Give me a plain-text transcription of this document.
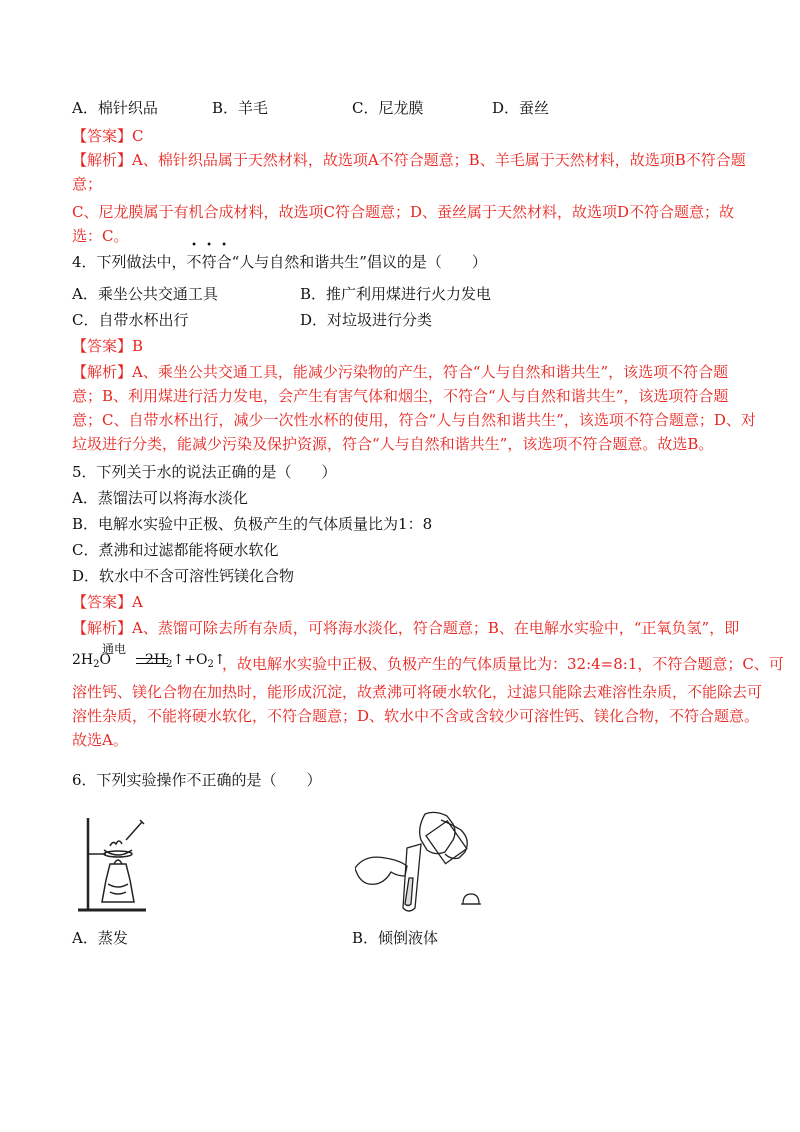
A．棉针织品	B．羊毛	C．尼龙膜	D．蚕丝
【答案】C
【解析】A、棉针织品属于天然材料，故选项A不符合题意；B、羊毛属于天然材料，故选项B不符合题
意；
C、尼龙膜属于有机合成材料，故选项C符合题意；D、蚕丝属于天然材料，故选项D不符合题意；故
选：C。
4．下列做法中，不符合“人与自然和谐共生”倡议的是（　　）
A．乘坐公共交通工具	B．推广利用煤进行火力发电
C．自带水杯出行	D．对垃圾进行分类
【答案】B
【解析】A、乘坐公共交通工具，能减少污染物的产生，符合“人与自然和谐共生”，该选项不符合题
意；B、利用煤进行活力发电，会产生有害气体和烟尘，不符合“人与自然和谐共生”，该选项符合题
意；C、自带水杯出行，减少一次性水杯的使用，符合“人与自然和谐共生”，该选项不符合题意；D、对
垃圾进行分类，能减少污染及保护资源，符合“人与自然和谐共生”，该选项不符合题意。故选B。
5．下列关于水的说法正确的是（　　）
A．蒸馏法可以将海水淡化
B．电解水实验中正极、负极产生的气体质量比为1：8
C．煮沸和过滤都能将硬水软化
D．软水中不含可溶性钙镁化合物
【答案】A
【解析】A、蒸馏可除去所有杂质，可将海水淡化，符合题意；B、在电解水实验中，“正氧负氢”，即
通电
$2H_2O$ $2H_2↑+O_2↑$
，故电解水实验中正极、负极产生的气体质量比为：32:4=8:1，不符合题意；C、可
溶性钙、镁化合物在加热时，能形成沉淀，故煮沸可将硬水软化，过滤只能除去难溶性杂质，不能除去可
溶性杂质，不能将硬水软化，不符合题意；D、软水中不含或含较少可溶性钙、镁化合物，不符合题意。
故选A。
6．下列实验操作不正确的是（　　）
A．蒸发	B．倾倒液体
